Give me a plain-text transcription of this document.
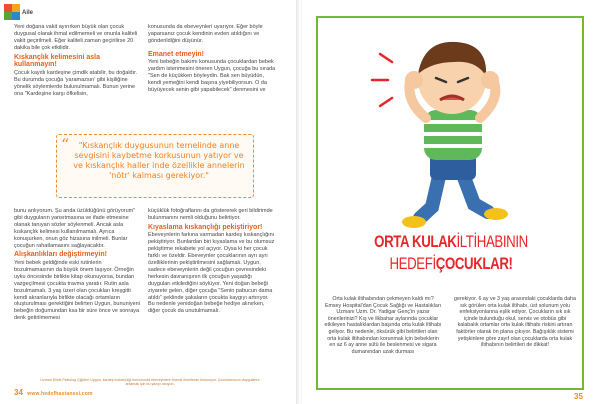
Aile

Yeni doğana vakit ayırırken büyük olan çocuk duygusal olarak ihmal edilmemeli ve onunla kaliteli vakit geçirilmeli. Eğer kaliteli zaman geçirilirse 20 dakika bile çok etkilidir.

Kıskançlık kelimesini asla kullanmayın!

Çocuk kayıtlı kardeşine çimdik atabilir, bu doğaldır. Bu durumda çocuğa 'yaramazsın' gibi kişiliğine yönelik söylemlerde bulunulmamalı. Bunun yerine ona "Kardeşine karşı öfkelisin,

konusunda da ebeveynleri uyarıyor. Eğer böyle yaparsanız çocuk kendinin evden atıldığını ve gönderildiğini düşünür.

Emanet etmeyin!

Yeni bebeğin bakımı konusunda çocuklardan bebek yardım istenmesini öneren Uygun, çocuğa bu sırada "Sen de küçükken böyleydin. Bak sen büyüdün, kendi yemeğini kendi başına yiyebiliyorsun. O da büyüyecek senin gibi yapabilecek" denmesini ve

“	"Kıskançlık duygusunun temelinde anne sevgisini kaybetme korkusunun yatıyor ve ve kıskançlık haller inde özellikle annelerin 'nötr' kalması gerekiyor."

bunu anlıyorum. Şu anda üzüldüğünü görüyorum" gibi duyguların yansıtmasına ve ifade etmesine olanak tanıyan sözler söylenmeli. Ancak asla kıskançlık kelimesi kullanılmamalı. Ayrıca konuşurken, onun göz hizasına inilmeli. Bunlar çocuğun rahatlamasını sağlayacaktır.

Alışkanlıkları değiştirmeyin!

Yeni bebek geldiğinde eski rutinlerin bozulmamasının da büyük önem taşıyor. Örneğin uyku öncesinde birlikte kitap okunuyorsa, bundan vazgeçilmesi çocukta travma yaratır. Rutin asla bozulmamalı. 3 yaş üzeri olan çocukları kreşgitti kendi akranlarıyla birlikte olacağı ortamların oluşturulması gerektiğini belirten Uygun, bununiyeni bebeğin doğumundan ksa bir süre önce ve sonraya denk getirilmemesi

küçüklük fotoğraflarını da göstererek geri bildirimde bulunmanını nemli olduğunu belirtiyor.

Kıyaslama kıskançlığı pekiştiriyor!

Ebeveynlerin farkına varmadan kardeş kıskançlığını pekiştiriyor. Bunlardan biri kıyaslama ve bu olumsuz pekiştirme rekabete yol açıyor. Oysa ki her çocuk farklı ve özeldir. Ebeveynler çocuklarının ayrı ayrı özelliklerinin pekiştirilmesini sağlamalı. Uygun, sadece ebeveynlerin değil çocuğun çevresindeki herkesin davranışının ilk çocuğun yaşadığı duyguları etkilediğini söylüyor. Yeni doğan bebeği ziyarete gelen, diğer çocuğa "Senin pabucun dama atıldı" şeklinde şakaların çocukta kaygıyı artırıyor. Bu nedenle yenidoğan bebeğe hediye alınırken, diğer çocuk da unutulmamalı.

Uzman Klinik Psikolog Çiğdem Uygun, kardeş kıskançlığı konusunda ebeveynlere önemli önerilerde bulunuyor. Çocuklarınızın duygularını anlamak için bu yazıyı okuyun.
34 www.hedefhastanesi.com
ORTA KULAKİLTİHABININ
HEDEFİÇOCUKLAR!

Orta kulak iltihabından çekmeyen kaldı mı? Emsey Hospital'dan Çocuk Sağlığı ve Hastalıkları Uzmanı Uzm. Dr. Yadigar Genç'in yazar önerilerinizi? Kış ve ilkbahar aylarında çocuklar etkileyen hastalıklardan başında orta kulak iltihabı geliyor. Bu nedenle, öksürük gibi belirtileri olan orta kulak iltihabından korunmak için bebeklerin en az 6 ay anne sütü ile beslenmesi ve sigara dumanından uzak durması

gerekiyor. 6 ay ve 3 yaş arasındaki çocuklarda daha sık görülen orta kulak iltihabı, üst solunum yolu enfeksiyonlarına eşlik ediyor. Çocukların sık sık içinde bulunduğu okul, servis ve otobüs gibi kalabalık ortamlar orta kulak iltihabı riskini artıran faktörler olarak ön plana çıkıyor. Bağışıklık sistemi yetişkinlere göre zayıf olan çocuklarda orta kulak iltihabının belirtileri de dikkat!

35
